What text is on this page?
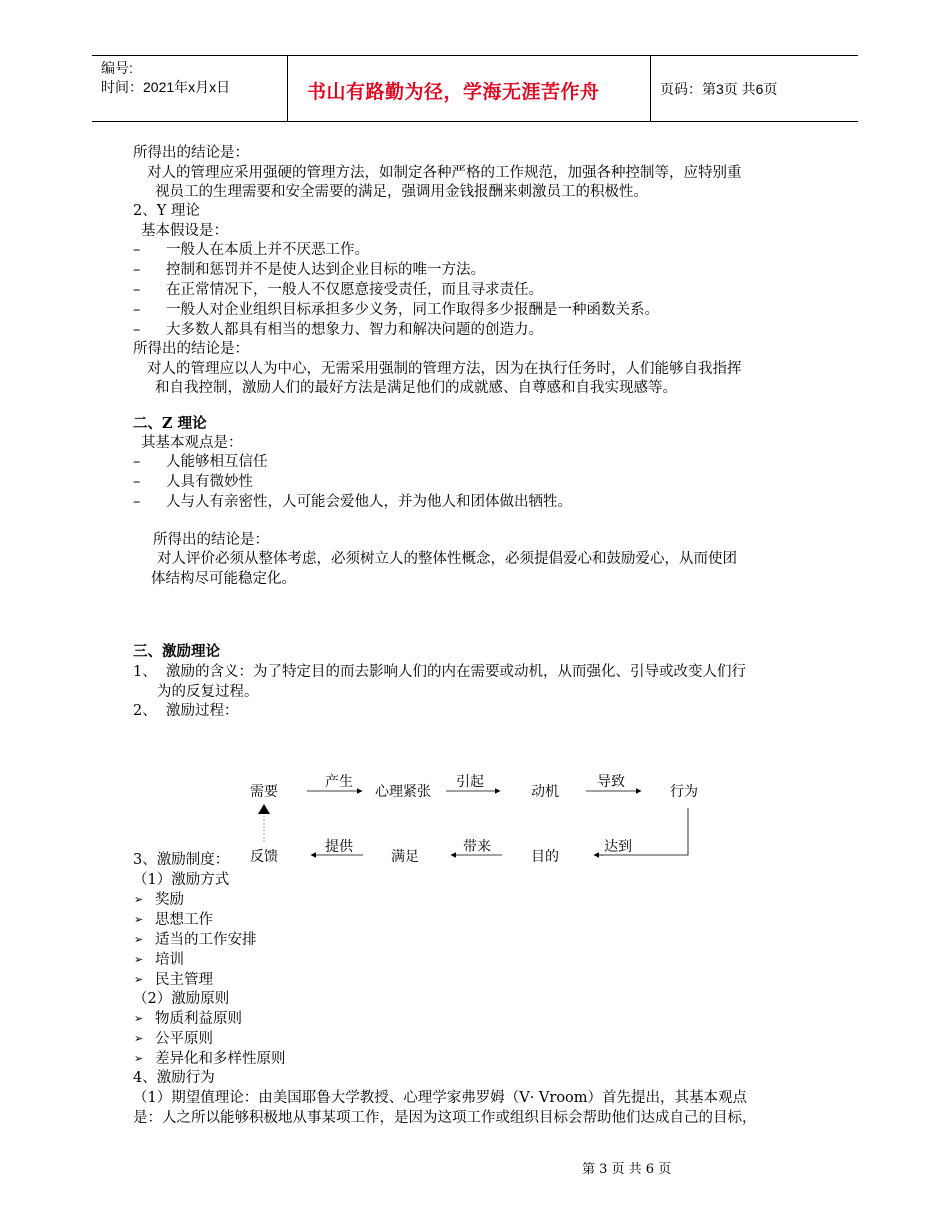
编号:
时间：2021年x月x日	书山有路勤为径，学海无涯苦作舟	页码：第3页 共6页
所得出的结论是：
对人的管理应采用强硬的管理方法，如制定各种严格的工作规范，加强各种控制等，应特别重
视员工的生理需要和安全需要的满足，强调用金钱报酬来刺激员工的积极性。
2、Y 理论
基本假设是：
– 一般人在本质上并不厌恶工作。
– 控制和惩罚并不是使人达到企业目标的唯一方法。
– 在正常情况下，一般人不仅愿意接受责任，而且寻求责任。
– 一般人对企业组织目标承担多少义务，同工作取得多少报酬是一种函数关系。
– 大多数人都具有相当的想象力、智力和解决问题的创造力。
所得出的结论是：
对人的管理应以人为中心，无需采用强制的管理方法，因为在执行任务时，人们能够自我指挥
和自我控制，激励人们的最好方法是满足他们的成就感、自尊感和自我实现感等。
二、Z 理论
其基本观点是：
– 人能够相互信任
– 人具有微妙性
– 人与人有亲密性，人可能会爱他人，并为他人和团体做出牺牲。
所得出的结论是：
对人评价必须从整体考虑，必须树立人的整体性概念，必须提倡爱心和鼓励爱心，从而使团
体结构尽可能稳定化。
三、激励理论
1、 激励的含义：为了特定目的而去影响人们的内在需要或动机，从而强化、引导或改变人们行
为的反复过程。
2、 激励过程：
需要
产生
心理紧张
引起
动机
导致
行为
反馈
提供
满足
带来
目的
达到
3、激励制度：
（1）激励方式
➢ 奖励
➢ 思想工作
➢ 适当的工作安排
➢ 培训
➢ 民主管理
（2）激励原则
➢ 物质利益原则
➢ 公平原则
➢ 差异化和多样性原则
4、激励行为
（1）期望值理论：由美国耶鲁大学教授、心理学家弗罗姆（V· Vroom）首先提出，其基本观点
是：人之所以能够积极地从事某项工作，是因为这项工作或组织目标会帮助他们达成自己的目标，
第 3 页 共 6 页
